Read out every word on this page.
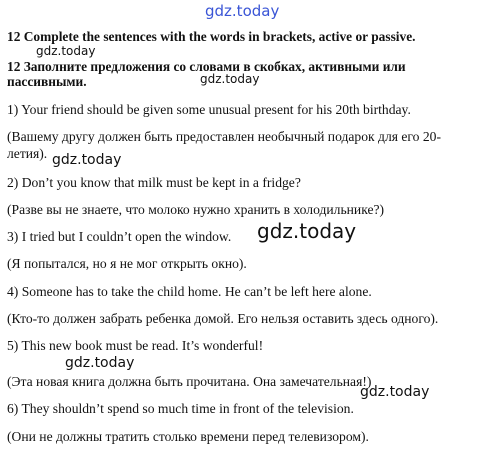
gdz.today
12 Complete the sentences with the words in brackets, active or passive.
gdz.today
12 Заполните предложения со словами в скобках, активными или
gdz.today
пассивными.
1) Your friend should be given some unusual present for his 20th birthday.
(Вашему другу должен быть предоставлен необычный подарок для его 20-
летия). gdz.today
2) Don’t you know that milk must be kept in a fridge?
(Разве вы не знаете, что молоко нужно хранить в холодильнике?)
3) I tried but I couldn’t open the window. gdz.today
(Я попытался, но я не мог открыть окно).
4) Someone has to take the child home. He can’t be left here alone.
(Кто-то должен забрать ребенка домой. Его нельзя оставить здесь одного).
5) This new book must be read. It’s wonderful!
gdz.today
(Эта новая книга должна быть прочитана. Она замечательная!)
gdz.today
6) They shouldn’t spend so much time in front of the television.
(Они не должны тратить столько времени перед телевизором).
